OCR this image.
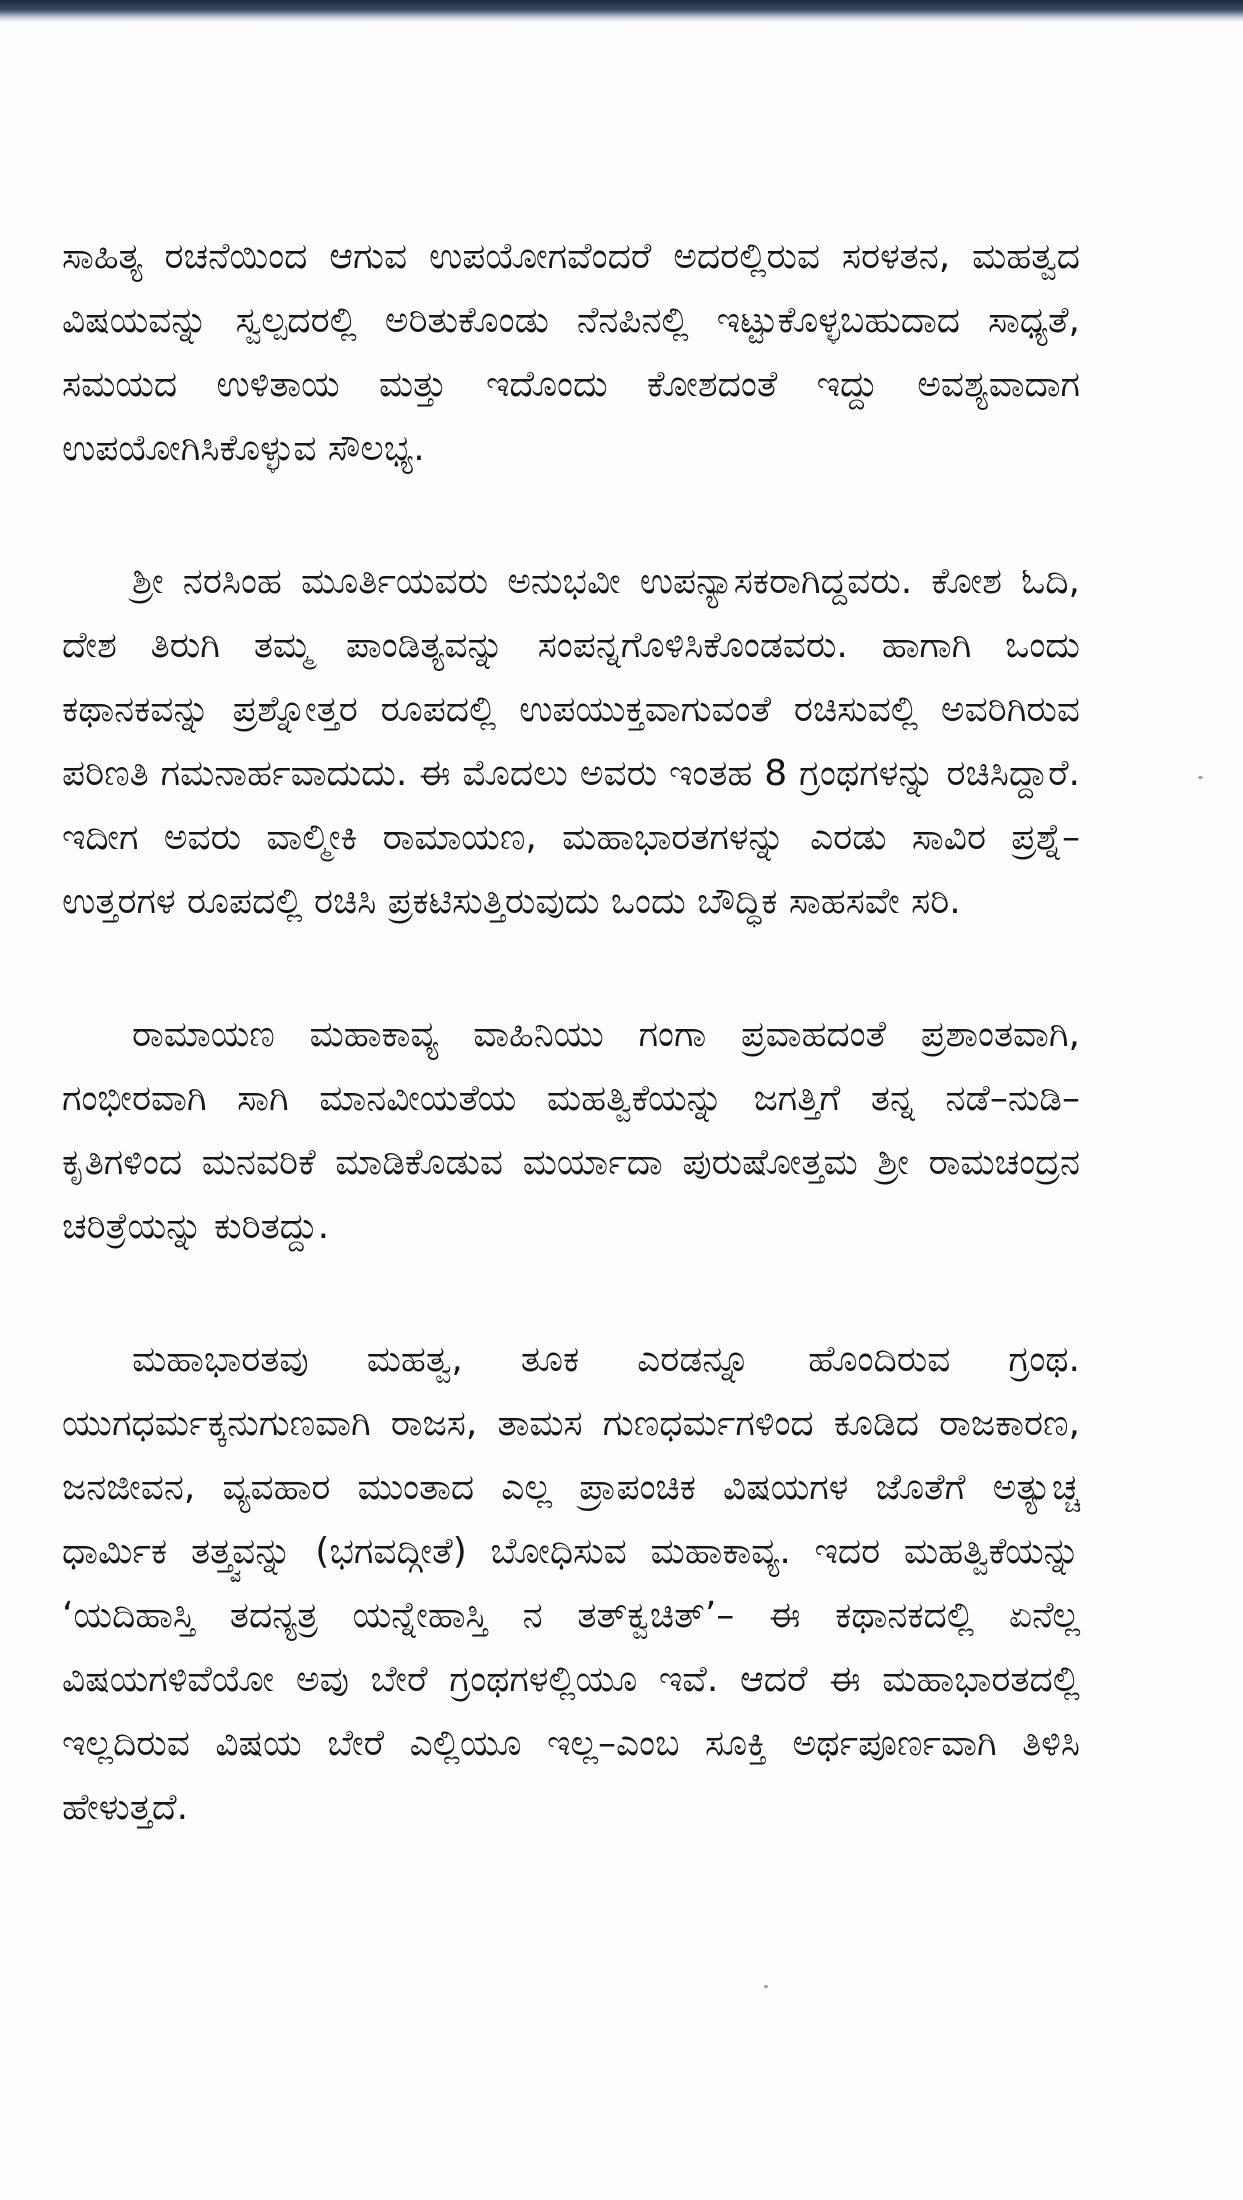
ಸಾಹಿತ್ಯ ರಚನೆಯಿಂದ ಆಗುವ ಉಪಯೋಗವೆಂದರೆ ಅದರಲ್ಲಿರುವ ಸರಳತನ, ಮಹತ್ವದ ವಿಷಯವನ್ನು ಸ್ವಲ್ಪದರಲ್ಲಿ ಅರಿತುಕೊಂಡು ನೆನಪಿನಲ್ಲಿ ಇಟ್ಟುಕೊಳ್ಳಬಹುದಾದ ಸಾಧ್ಯತೆ, ಸಮಯದ ಉಳಿತಾಯ ಮತ್ತು ಇದೊಂದು ಕೋಶದಂತೆ ಇದ್ದು ಅವಶ್ಯವಾದಾಗ ಉಪಯೋಗಿಸಿಕೊಳ್ಳುವ ಸೌಲಭ್ಯ.

ಶ್ರೀ ನರಸಿಂಹ ಮೂರ್ತಿಯವರು ಅನುಭವೀ ಉಪನ್ಯಾಸಕರಾಗಿದ್ದವರು. ಕೋಶ ಓದಿ, ದೇಶ ತಿರುಗಿ ತಮ್ಮ ಪಾಂಡಿತ್ಯವನ್ನು ಸಂಪನ್ನಗೊಳಿಸಿಕೊಂಡವರು. ಹಾಗಾಗಿ ಒಂದು ಕಥಾನಕವನ್ನು ಪ್ರಶ್ನೋತ್ತರ ರೂಪದಲ್ಲಿ ಉಪಯುಕ್ತವಾಗುವಂತೆ ರಚಿಸುವಲ್ಲಿ ಅವರಿಗಿರುವ ಪರಿಣತಿ ಗಮನಾರ್ಹವಾದುದು. ಈ ಮೊದಲು ಅವರು ಇಂತಹ 8 ಗ್ರಂಥಗಳನ್ನು ರಚಿಸಿದ್ದಾರೆ. ಇದೀಗ ಅವರು ವಾಲ್ಮೀಕಿ ರಾಮಾಯಣ, ಮಹಾಭಾರತಗಳನ್ನು ಎರಡು ಸಾವಿರ ಪ್ರಶ್ನೆ–ಉತ್ತರಗಳ ರೂಪದಲ್ಲಿ ರಚಿಸಿ ಪ್ರಕಟಿಸುತ್ತಿರುವುದು ಒಂದು ಬೌದ್ಧಿಕ ಸಾಹಸವೇ ಸರಿ.

ರಾಮಾಯಣ ಮಹಾಕಾವ್ಯ ವಾಹಿನಿಯು ಗಂಗಾ ಪ್ರವಾಹದಂತೆ ಪ್ರಶಾಂತವಾಗಿ, ಗಂಭೀರವಾಗಿ ಸಾಗಿ ಮಾನವೀಯತೆಯ ಮಹತ್ವಿಕೆಯನ್ನು ಜಗತ್ತಿಗೆ ತನ್ನ ನಡೆ–ನುಡಿ–ಕೃತಿಗಳಿಂದ ಮನವರಿಕೆ ಮಾಡಿಕೊಡುವ ಮರ್ಯಾದಾ ಪುರುಷೋತ್ತಮ ಶ್ರೀ ರಾಮಚಂದ್ರನ ಚರಿತ್ರೆಯನ್ನು ಕುರಿತದ್ದು.

ಮಹಾಭಾರತವು ಮಹತ್ವ, ತೂಕ ಎರಡನ್ನೂ ಹೊಂದಿರುವ ಗ್ರಂಥ. ಯುಗಧರ್ಮಕ್ಕನುಗುಣವಾಗಿ ರಾಜಸ, ತಾಮಸ ಗುಣಧರ್ಮಗಳಿಂದ ಕೂಡಿದ ರಾಜಕಾರಣ, ಜನಜೀವನ, ವ್ಯವಹಾರ ಮುಂತಾದ ಎಲ್ಲ ಪ್ರಾಪಂಚಿಕ ವಿಷಯಗಳ ಜೊತೆಗೆ ಅತ್ಯುಚ್ಚ ಧಾರ್ಮಿಕ ತತ್ತ್ವವನ್ನು (ಭಗವದ್ಗೀತೆ) ಬೋಧಿಸುವ ಮಹಾಕಾವ್ಯ. ಇದರ ಮಹತ್ವಿಕೆಯನ್ನು ‘ಯದಿಹಾಸ್ತಿ ತದನ್ಯತ್ರ ಯನ್ನೇಹಾಸ್ತಿ ನ ತತ್‌ಕ್ವಚಿತ್’– ಈ ಕಥಾನಕದಲ್ಲಿ ಏನೆಲ್ಲ ವಿಷಯಗಳಿವೆಯೋ ಅವು ಬೇರೆ ಗ್ರಂಥಗಳಲ್ಲಿಯೂ ಇವೆ. ಆದರೆ ಈ ಮಹಾಭಾರತದಲ್ಲಿ ಇಲ್ಲದಿರುವ ವಿಷಯ ಬೇರೆ ಎಲ್ಲಿಯೂ ಇಲ್ಲ–ಎಂಬ ಸೂಕ್ತಿ ಅರ್ಥಪೂರ್ಣವಾಗಿ ತಿಳಿಸಿ ಹೇಳುತ್ತದೆ.
